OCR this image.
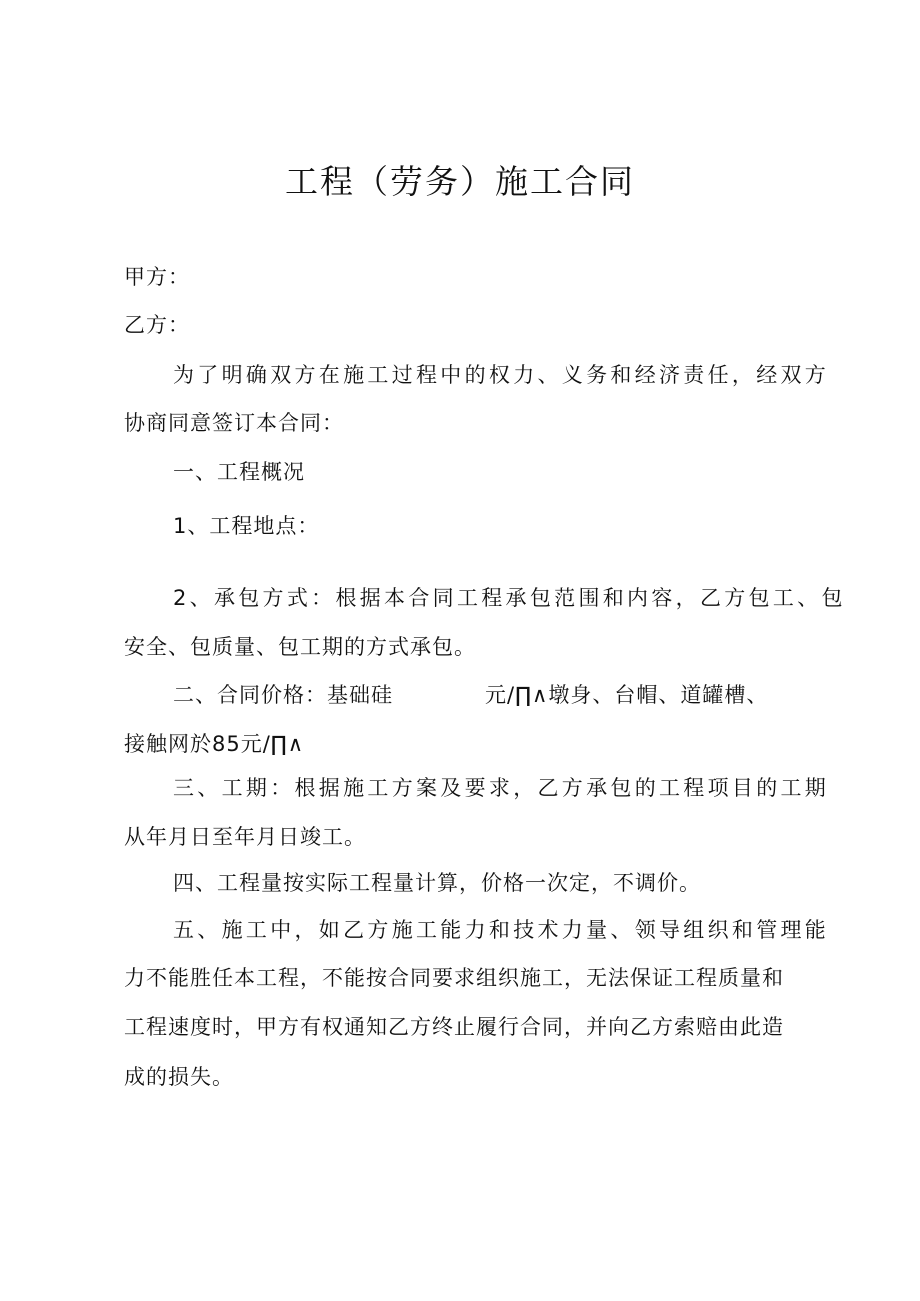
工程（劳务）施工合同
甲方：
乙方：
为了明确双方在施工过程中的权力、义务和经济责任，经双方
协商同意签订本合同：
一、工程概况
1、工程地点：
2、承包方式：根据本合同工程承包范围和内容，乙方包工、包
安全、包质量、包工期的方式承包。
二、合同价格：基础硅	元/∏∧墩身、台帽、道罐槽、
接触网於85元/∏∧
三、工期：根据施工方案及要求，乙方承包的工程项目的工期
从年月日至年月日竣工。
四、工程量按实际工程量计算，价格一次定，不调价。
五、施工中，如乙方施工能力和技术力量、领导组织和管理能
力不能胜任本工程，不能按合同要求组织施工，无法保证工程质量和
工程速度时，甲方有权通知乙方终止履行合同，并向乙方索赔由此造
成的损失。
